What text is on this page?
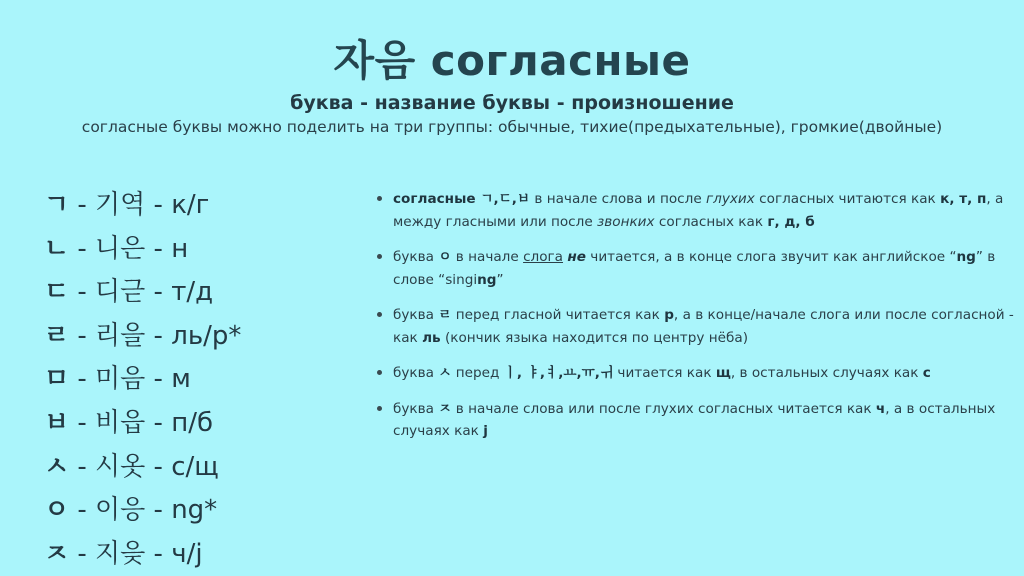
자음 согласные
буква - название буквы - произношение
согласные буквы можно поделить на три группы: обычные, тихие(предыхательные), громкие(двойные)
ㄱ - 기역 - к/г
ㄴ - 니은 - н
ㄷ - 디귿 - т/д
ㄹ - 리을 - ль/р*
ㅁ - 미음 - м
ㅂ - 비읍 - п/б
ㅅ - 시옷 - с/щ
ㅇ - 이응 - ng*
ㅈ - 지읒 - ч/j
согласные ㄱ,ㄷ,ㅂ в начале слова и после глухих согласных читаются как к, т, п, а между гласными или после звонких согласных как г, д, б
буква ㅇ в начале слога не читается, а в конце слога звучит как английское “ng” в слове “singing”
буква ㄹ перед гласной читается как р, а в конце/начале слога или после согласной - как ль (кончик языка находится по центру нёба)
буква ㅅ перед ㅣ, ㅑ,ㅕ,ㅛ,ㅠ,ㅟ читается как щ, в остальных случаях как с
буква ㅈ в начале слова или после глухих согласных читается как ч, а в остальных случаях как j
